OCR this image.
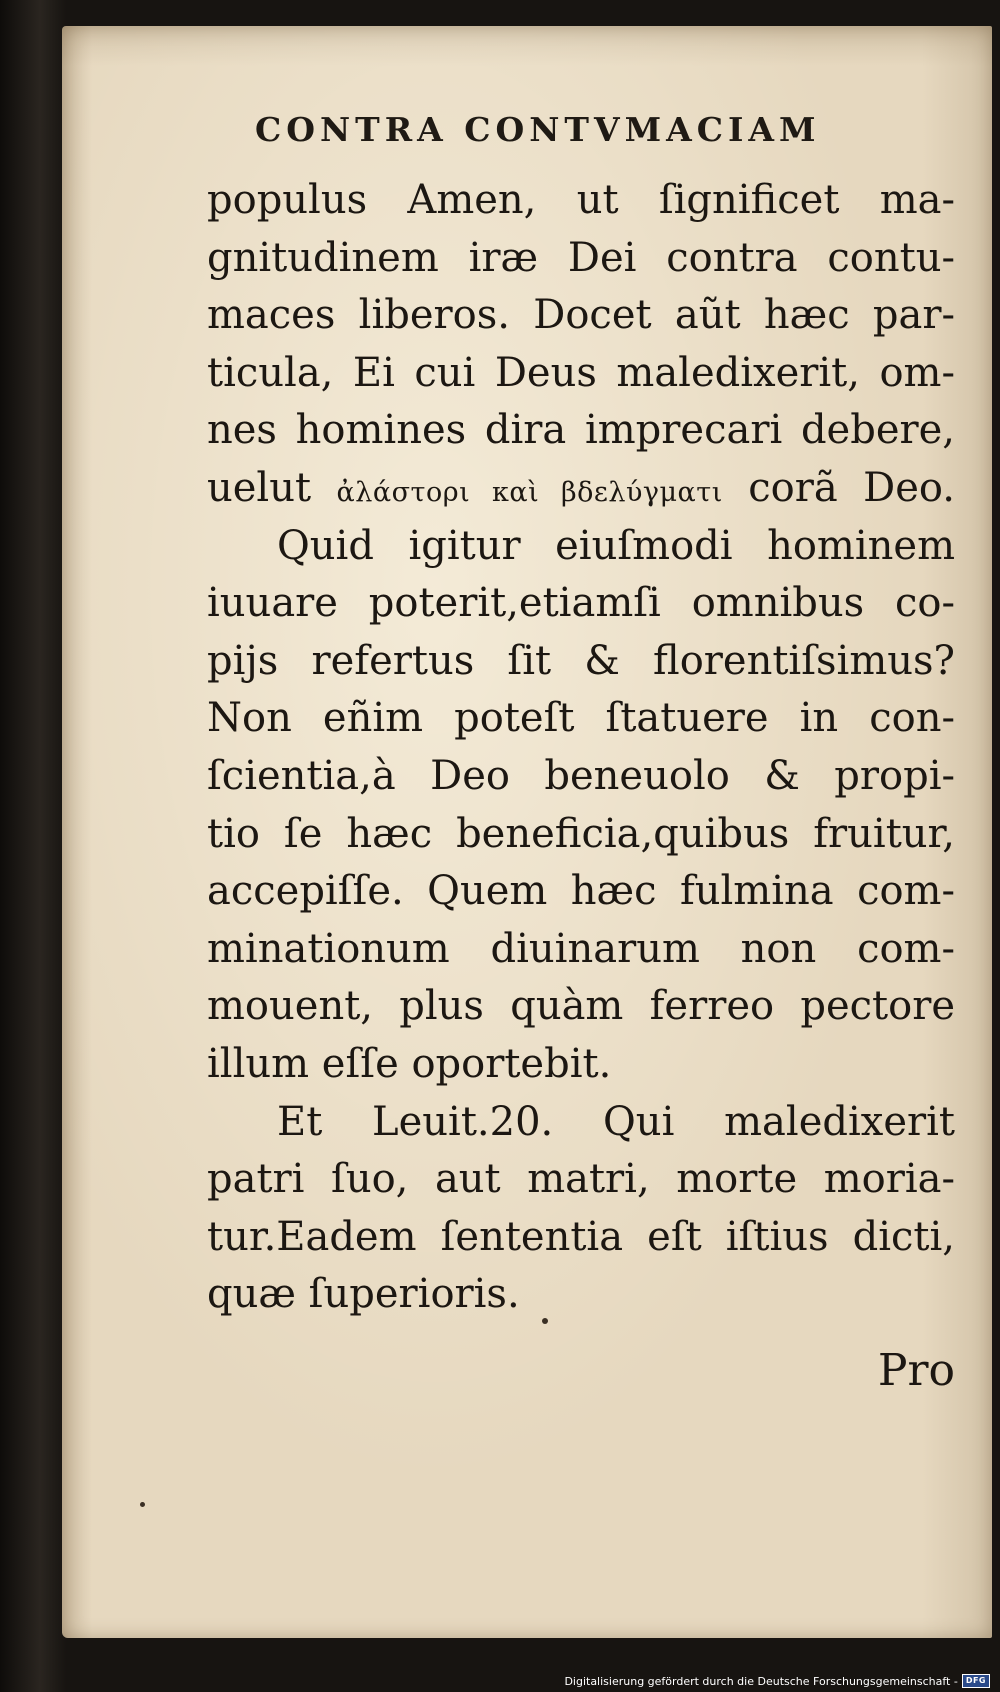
CONTRA CONTVMACIAM
populus Amen, ut ſignificet ma-
gnitudinem iræ Dei contra contu-
maces liberos. Docet aũt hæc par-
ticula, Ei cui Deus maledixerit, om-
nes homines dira imprecari debere,
uelut ἀλάστορι καὶ βδελύγματι corã Deo.
Quid igitur eiuſmodi hominem
iuuare poterit,etiamſi omnibus co-
pijs refertus ſit & florentiſsimus?
Non eñim poteſt ſtatuere in con-
ſcientia,à Deo beneuolo & propi-
tio ſe hæc beneficia,quibus fruitur,
accepiſſe. Quem hæc fulmina com-
minationum diuinarum non com-
mouent, plus quàm ferreo pectore
illum eſſe oportebit.
Et Leuit.20. Qui maledixerit
patri ſuo, aut matri, morte moria-
tur.Eadem ſententia eſt iſtius dicti,
quæ ſuperioris.
Pro
Digitalisierung gefördert durch die Deutsche Forschungsgemeinschaft -	DFG
